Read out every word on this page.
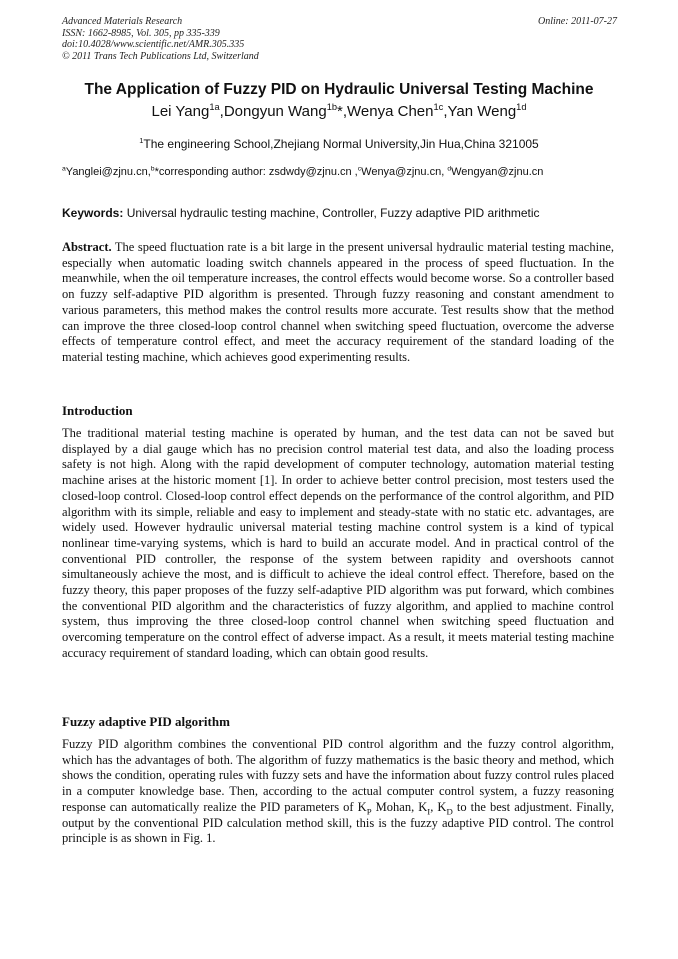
Advanced Materials Research
ISSN: 1662-8985, Vol. 305, pp 335-339
doi:10.4028/www.scientific.net/AMR.305.335
© 2011 Trans Tech Publications Ltd, Switzerland
Online: 2011-07-27
The Application of Fuzzy PID on Hydraulic Universal Testing Machine
Lei Yang$^{1a}$,Dongyun Wang$^{1b}$*,Wenya Chen$^{1c}$,Yan Weng$^{1d}$
$^1$The engineering School,Zhejiang Normal University,Jin Hua,China 321005
$^a$Yanglei@zjnu.cn,$^b$*corresponding author: zsdwdy@zjnu.cn ,$^c$Wenya@zjnu.cn, $^d$Wengyan@zjnu.cn
Keywords: Universal hydraulic testing machine, Controller, Fuzzy adaptive PID arithmetic
Abstract. The speed fluctuation rate is a bit large in the present universal hydraulic material testing machine, especially when automatic loading switch channels appeared in the process of speed fluctuation. In the meanwhile, when the oil temperature increases, the control effects would become worse. So a controller based on fuzzy self-adaptive PID algorithm is presented. Through fuzzy reasoning and constant amendment to various parameters, this method makes the control results more accurate. Test results show that the method can improve the three closed-loop control channel when switching speed fluctuation, overcome the adverse effects of temperature control effect, and meet the accuracy requirement of the standard loading of the material testing machine, which achieves good experimenting results.
Introduction
The traditional material testing machine is operated by human, and the test data can not be saved but displayed by a dial gauge which has no precision control material test data, and also the loading process safety is not high. Along with the rapid development of computer technology, automation material testing machine arises at the historic moment [1]. In order to achieve better control precision, most testers used the closed-loop control. Closed-loop control effect depends on the performance of the control algorithm, and PID algorithm with its simple, reliable and easy to implement and steady-state with no static etc. advantages, are widely used. However hydraulic universal material testing machine control system is a kind of typical nonlinear time-varying systems, which is hard to build an accurate model. And in practical control of the conventional PID controller, the response of the system between rapidity and overshoots cannot simultaneously achieve the most, and is difficult to achieve the ideal control effect. Therefore, based on the fuzzy theory, this paper proposes of the fuzzy self-adaptive PID algorithm was put forward, which combines the conventional PID algorithm and the characteristics of fuzzy algorithm, and applied to machine control system, thus improving the three closed-loop control channel when switching speed fluctuation and overcoming temperature on the control effect of adverse impact. As a result, it meets material testing machine accuracy requirement of standard loading, which can obtain good results.
Fuzzy adaptive PID algorithm
Fuzzy PID algorithm combines the conventional PID control algorithm and the fuzzy control algorithm, which has the advantages of both. The algorithm of fuzzy mathematics is the basic theory and method, which shows the condition, operating rules with fuzzy sets and have the information about fuzzy control rules placed in a computer knowledge base. Then, according to the actual computer control system, a fuzzy reasoning response can automatically realize the PID parameters of $K_P$ Mohan, $K_I$, $K_D$ to the best adjustment. Finally, output by the conventional PID calculation method skill, this is the fuzzy adaptive PID control. The control principle is as shown in Fig. 1.
